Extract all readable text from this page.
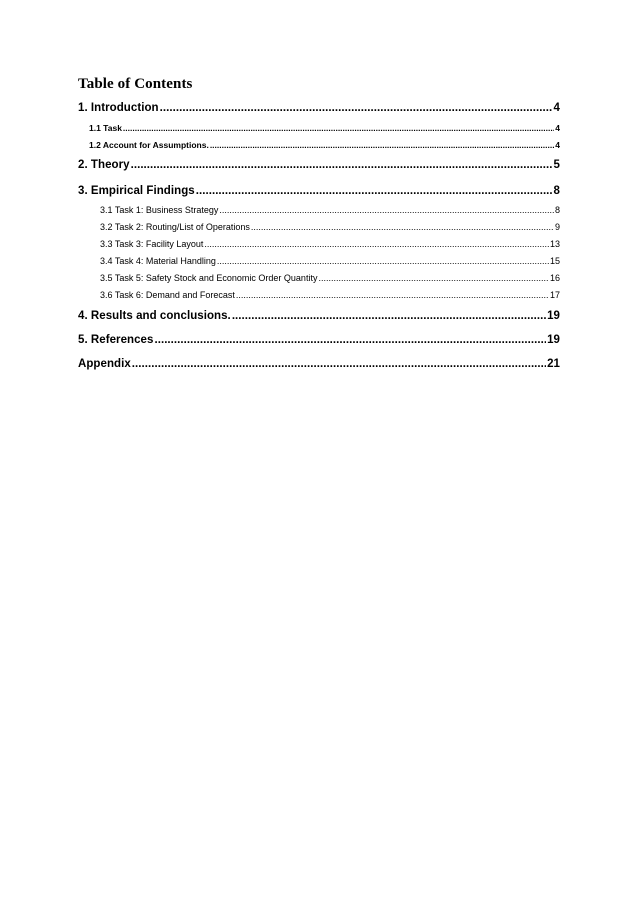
Table of Contents
1. Introduction .....	4
1.1 Task .....	4
1.2 Account for Assumptions. .....	4
2. Theory .....	5
3. Empirical Findings .....	8
3.1 Task 1: Business Strategy .....	8
3.2 Task 2: Routing/List of Operations .....	9
3.3 Task 3: Facility Layout .....	13
3.4 Task 4: Material Handling .....	15
3.5 Task 5: Safety Stock and Economic Order Quantity .....	16
3.6 Task 6: Demand and Forecast .....	17
4. Results and conclusions. .....	19
5. References .....	19
Appendix .....	21
